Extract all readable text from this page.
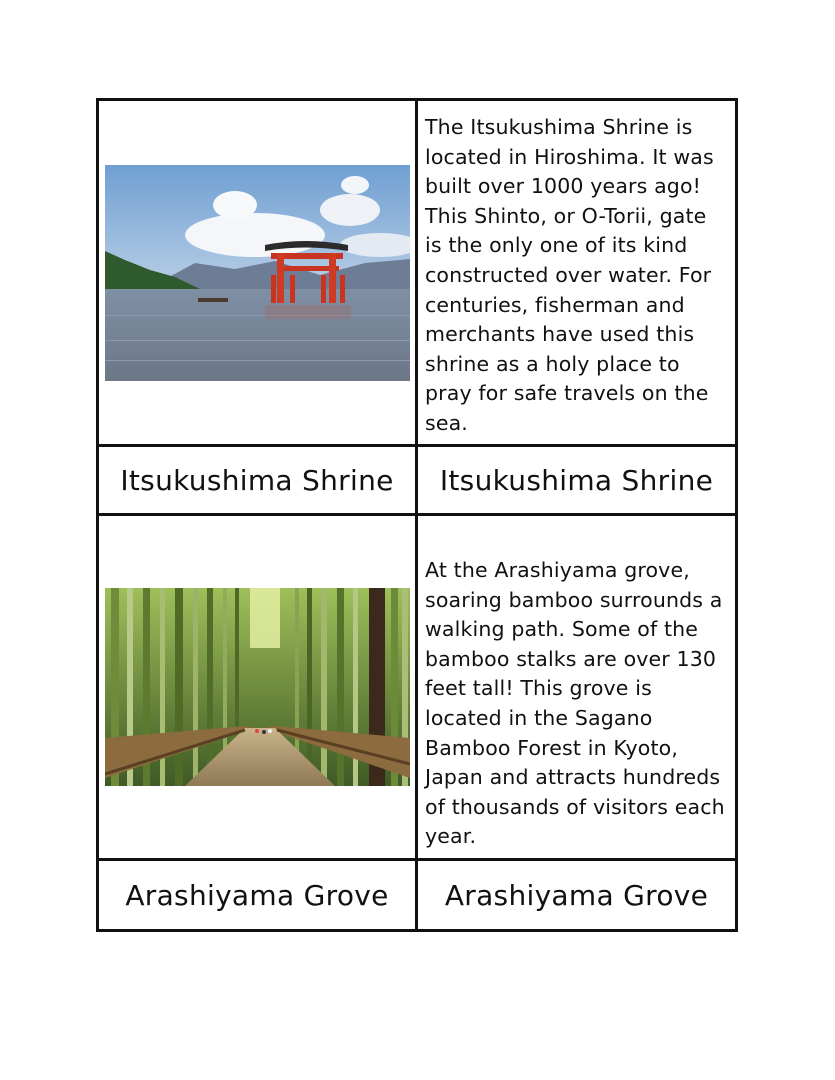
The Itsukushima Shrine is located in Hiroshima. It was built over 1000 years ago! This Shinto, or O-Torii, gate is the only one of its kind constructed over water. For centuries, fisherman and merchants have used this shrine as a holy place to pray for safe travels on the sea.
Itsukushima Shrine	Itsukushima Shrine
At the Arashiyama grove, soaring bamboo surrounds a walking path. Some of the bamboo stalks are over 130 feet tall! This grove is located in the Sagano Bamboo Forest in Kyoto, Japan and attracts hundreds of thousands of visitors each year.
Arashiyama Grove	Arashiyama Grove
